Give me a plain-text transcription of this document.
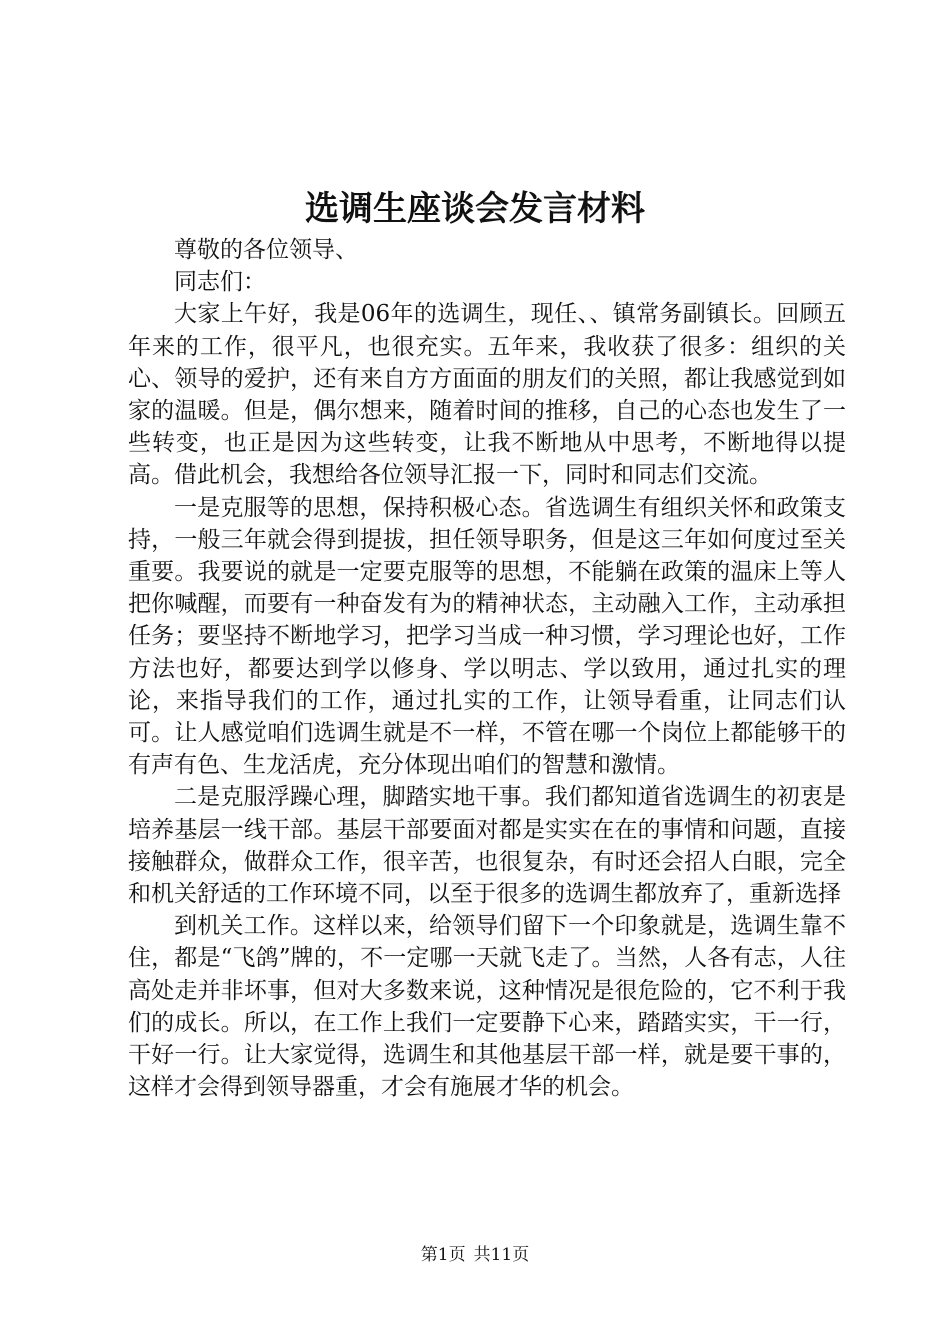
选调生座谈会发言材料

尊敬的各位领导、

同志们：

大家上午好，我是06年的选调生，现任、、镇常务副镇长。回顾五年来的工作，很平凡，也很充实。五年来，我收获了很多：组织的关心、领导的爱护，还有来自方方面面的朋友们的关照，都让我感觉到如家的温暖。但是，偶尔想来，随着时间的推移，自己的心态也发生了一些转变，也正是因为这些转变，让我不断地从中思考，不断地得以提高。借此机会，我想给各位领导汇报一下，同时和同志们交流。

一是克服等的思想，保持积极心态。省选调生有组织关怀和政策支持，一般三年就会得到提拔，担任领导职务，但是这三年如何度过至关重要。我要说的就是一定要克服等的思想，不能躺在政策的温床上等人把你喊醒，而要有一种奋发有为的精神状态，主动融入工作，主动承担任务；要坚持不断地学习，把学习当成一种习惯，学习理论也好，工作方法也好，都要达到学以修身、学以明志、学以致用，通过扎实的理论，来指导我们的工作，通过扎实的工作，让领导看重，让同志们认可。让人感觉咱们选调生就是不一样，不管在哪一个岗位上都能够干的有声有色、生龙活虎，充分体现出咱们的智慧和激情。

二是克服浮躁心理，脚踏实地干事。我们都知道省选调生的初衷是培养基层一线干部。基层干部要面对都是实实在在的事情和问题，直接接触群众，做群众工作，很辛苦，也很复杂，有时还会招人白眼，完全和机关舒适的工作环境不同，以至于很多的选调生都放弃了，重新选择

到机关工作。这样以来，给领导们留下一个印象就是，选调生靠不住，都是“飞鸽”牌的，不一定哪一天就飞走了。当然，人各有志，人往高处走并非坏事，但对大多数来说，这种情况是很危险的，它不利于我们的成长。所以，在工作上我们一定要静下心来，踏踏实实，干一行，干好一行。让大家觉得，选调生和其他基层干部一样，就是要干事的，这样才会得到领导器重，才会有施展才华的机会。

第1页 共11页
